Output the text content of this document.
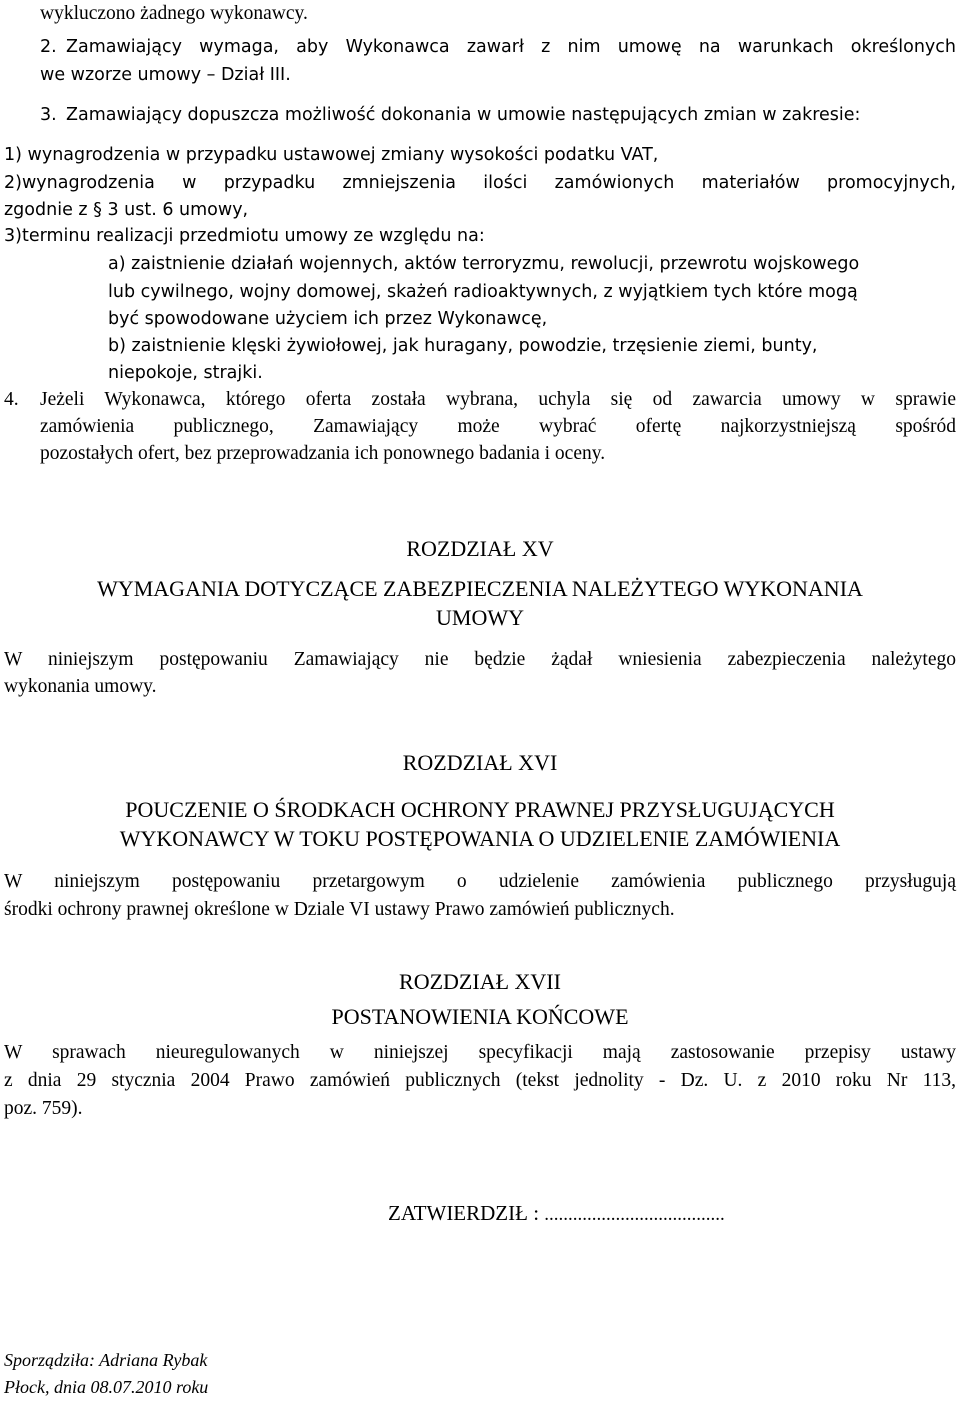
wykluczono żadnego wykonawcy.
2. Zamawiający wymaga, aby Wykonawca zawarł z nim umowę na warunkach określonych
we wzorze umowy – Dział III.
3. Zamawiający dopuszcza możliwość dokonania w umowie następujących zmian w zakresie:
1) wynagrodzenia w przypadku ustawowej zmiany wysokości podatku VAT,
2)wynagrodzenia w przypadku zmniejszenia ilości zamówionych materiałów promocyjnych,
zgodnie z § 3 ust. 6 umowy,
3)terminu realizacji przedmiotu umowy ze względu na:
a) zaistnienie działań wojennych, aktów terroryzmu, rewolucji, przewrotu wojskowego
lub cywilnego, wojny domowej, skażeń radioaktywnych, z wyjątkiem tych które mogą
być spowodowane użyciem ich przez Wykonawcę,
b) zaistnienie klęski żywiołowej, jak huragany, powodzie, trzęsienie ziemi, bunty,
niepokoje, strajki.
4. Jeżeli Wykonawca, którego oferta została wybrana, uchyla się od zawarcia umowy w sprawie
zamówienia publicznego, Zamawiający może wybrać ofertę najkorzystniejszą spośród
pozostałych ofert, bez przeprowadzania ich ponownego badania i oceny.
ROZDZIAŁ XV
WYMAGANIA DOTYCZĄCE ZABEZPIECZENIA NALEŻYTEGO WYKONANIA
UMOWY
W niniejszym postępowaniu Zamawiający nie będzie żądał wniesienia zabezpieczenia należytego
wykonania umowy.
ROZDZIAŁ XVI
POUCZENIE O ŚRODKACH OCHRONY PRAWNEJ PRZYSŁUGUJĄCYCH
WYKONAWCY W TOKU POSTĘPOWANIA O UDZIELENIE ZAMÓWIENIA
W niniejszym postępowaniu przetargowym o udzielenie zamówienia publicznego przysługują
środki ochrony prawnej określone w Dziale VI ustawy Prawo zamówień publicznych.
ROZDZIAŁ XVII
POSTANOWIENIA KOŃCOWE
W sprawach nieuregulowanych w niniejszej specyfikacji mają zastosowanie przepisy ustawy
z dnia 29 stycznia 2004 Prawo zamówień publicznych (tekst jednolity - Dz. U. z 2010 roku Nr 113,
poz. 759).
ZATWIERDZIŁ : ......................................
Sporządziła: Adriana Rybak
Płock, dnia 08.07.2010 roku
